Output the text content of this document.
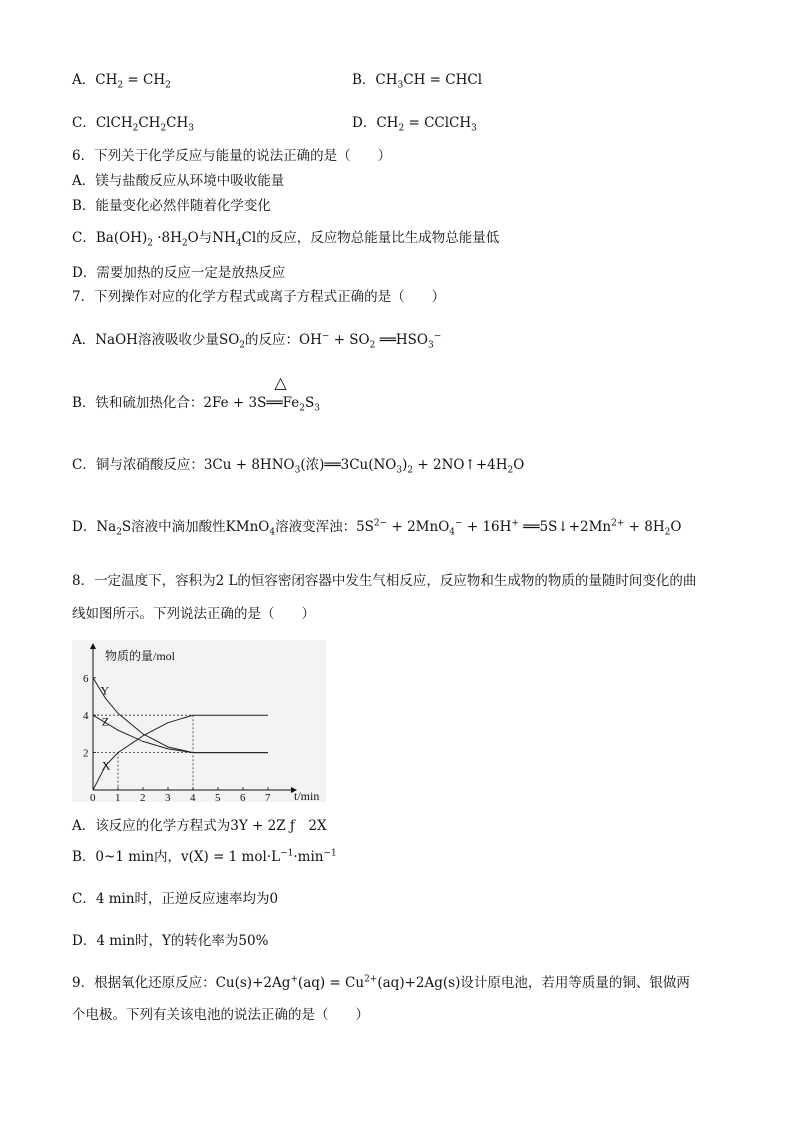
A．$CH_2 = CH_2$	B．$CH_3CH$ = CHCl
C．$ClCH_2CH_2CH_3$	D．$CH_2$ = CClCH$_3$
6．下列关于化学反应与能量的说法正确的是（　　）
A．镁与盐酸反应从环境中吸收能量
B．能量变化必然伴随着化学变化
C．$Ba(OH)_2 \cdot 8H_2O$与$NH_4Cl$的反应，反应物总能量比生成物总能量低
D．需要加热的反应一定是放热反应
7．下列操作对应的化学方程式或离子方程式正确的是（　　）
A．NaOH溶液吸收少量$SO_2$的反应：$OH^- + SO_2$ $══HSO_3^-$
B．铁和硫加热化合：2Fe + 3S
△
$══Fe_2S_3$
C．铜与浓硝酸反应：$3Cu + 8HNO_3$(浓)$══3Cu(NO_3)_2$ + $2NO↑+4H_2O$
D．$Na_2S$溶液中滴加酸性KMnO$_4$溶液变浑浊：$5S^{2-} + 2MnO_4^- + 16H^+$ $══5S↓+2Mn^{2+} + 8H_2O$
8．一定温度下，容积为2 L的恒容密闭容器中发生气相反应，反应物和生成物的物质的量随时间变化的曲
线如图所示。下列说法正确的是（　　）
物质的量/mol
t/min
0 1 2 3 4 5 6 7
2
4
6
Y
Z
X
A．该反应的化学方程式为3Y + 2Z ƒ　2X
B．0~1 min内，v(X) = 1 $mol\cdot L^{-1}\cdot\min^{-1}$
C．4 min时，正逆反应速率均为0
D．4 min时，Y的转化率为50%
9．根据氧化还原反应：$Cu(s)+2Ag^+(aq) = Cu^{2+}(aq)+2Ag(s)$设计原电池，若用等质量的铜、银做两
个电极。下列有关该电池的说法正确的是（　　）
